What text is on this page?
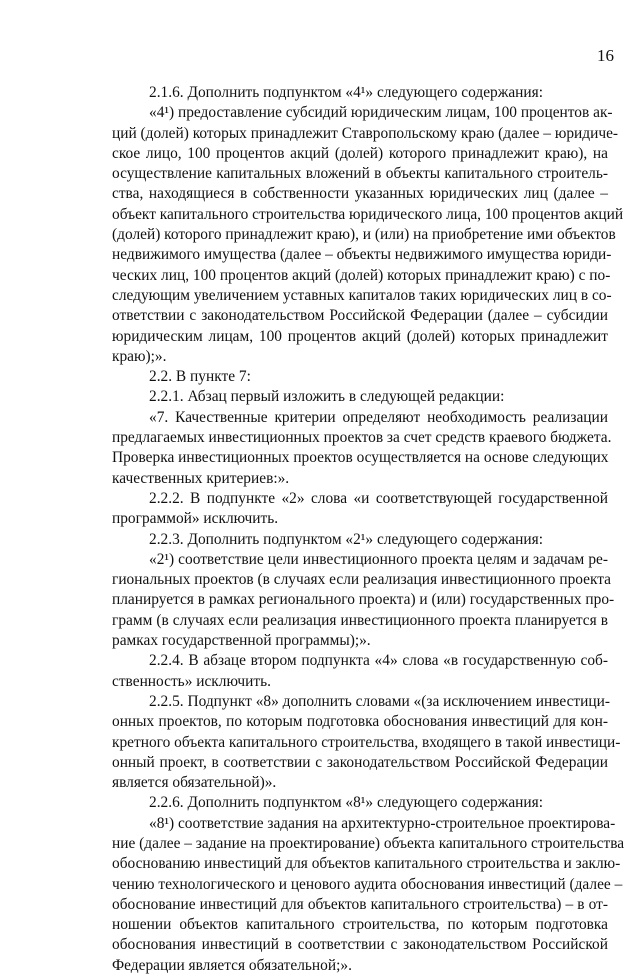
16
2.1.6. Дополнить подпунктом «4¹» следующего содержания:
«4¹) предоставление субсидий юридическим лицам, 100 процентов ак-
ций (долей) которых принадлежит Ставропольскому краю (далее – юридиче-
ское лицо, 100 процентов акций (долей) которого принадлежит краю), на
осуществление капитальных вложений в объекты капитального строитель-
ства, находящиеся в собственности указанных юридических лиц (далее –
объект капитального строительства юридического лица, 100 процентов акций
(долей) которого принадлежит краю), и (или) на приобретение ими объектов
недвижимого имущества (далее – объекты недвижимого имущества юриди-
ческих лиц, 100 процентов акций (долей) которых принадлежит краю) с по-
следующим увеличением уставных капиталов таких юридических лиц в со-
ответствии с законодательством Российской Федерации (далее – субсидии
юридическим лицам, 100 процентов акций (долей) которых принадлежит
краю);».
2.2. В пункте 7:
2.2.1. Абзац первый изложить в следующей редакции:
«7. Качественные критерии определяют необходимость реализации
предлагаемых инвестиционных проектов за счет средств краевого бюджета.
Проверка инвестиционных проектов осуществляется на основе следующих
качественных критериев:».
2.2.2. В подпункте «2» слова «и соответствующей государственной
программой» исключить.
2.2.3. Дополнить подпунктом «2¹» следующего содержания:
«2¹) соответствие цели инвестиционного проекта целям и задачам ре-
гиональных проектов (в случаях если реализация инвестиционного проекта
планируется в рамках регионального проекта) и (или) государственных про-
грамм (в случаях если реализация инвестиционного проекта планируется в
рамках государственной программы);».
2.2.4. В абзаце втором подпункта «4» слова «в государственную соб-
ственность» исключить.
2.2.5. Подпункт «8» дополнить словами «(за исключением инвестици-
онных проектов, по которым подготовка обоснования инвестиций для кон-
кретного объекта капитального строительства, входящего в такой инвестици-
онный проект, в соответствии с законодательством Российской Федерации
является обязательной)».
2.2.6. Дополнить подпунктом «8¹» следующего содержания:
«8¹) соответствие задания на архитектурно-строительное проектирова-
ние (далее – задание на проектирование) объекта капитального строительства
обоснованию инвестиций для объектов капитального строительства и заклю-
чению технологического и ценового аудита обоснования инвестиций (далее –
обоснование инвестиций для объектов капитального строительства) – в от-
ношении объектов капитального строительства, по которым подготовка
обоснования инвестиций в соответствии с законодательством Российской
Федерации является обязательной;».
